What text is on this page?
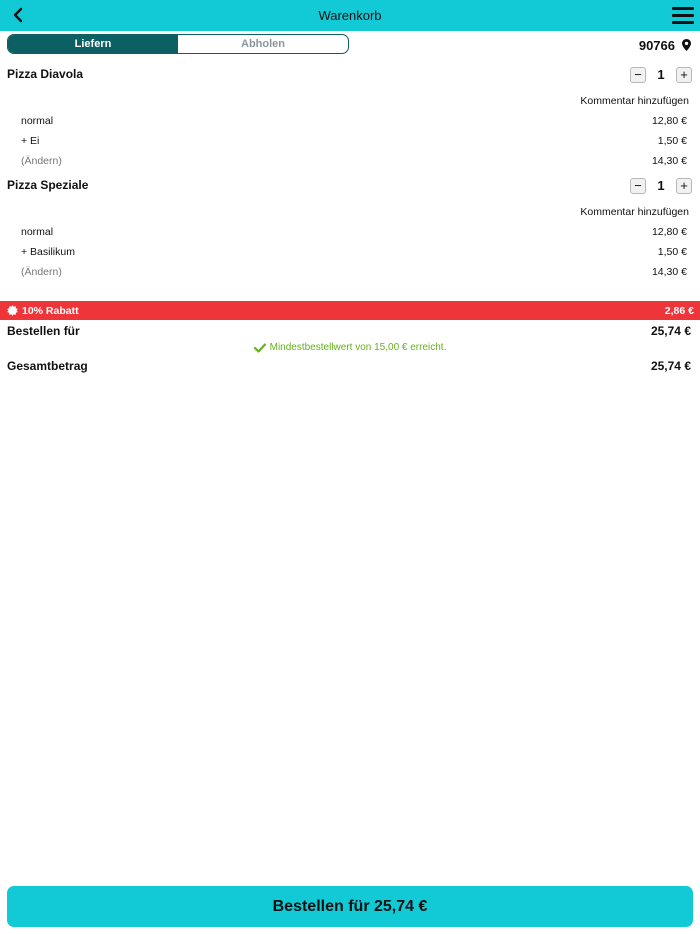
Warenkorb
Liefern	Abholen	90766
Pizza Diavola	−	1	+
Kommentar hinzufügen
normal	12,80 €
+ Ei	1,50 €
(Ändern)	14,30 €
Pizza Speziale	−	1	+
Kommentar hinzufügen
normal	12,80 €
+ Basilikum	1,50 €
(Ändern)	14,30 €
10% Rabatt	2,86 €
Bestellen für	25,74 €
Mindestbestellwert von 15,00 € erreicht.
Gesamtbetrag	25,74 €
Bestellen für 25,74 €
